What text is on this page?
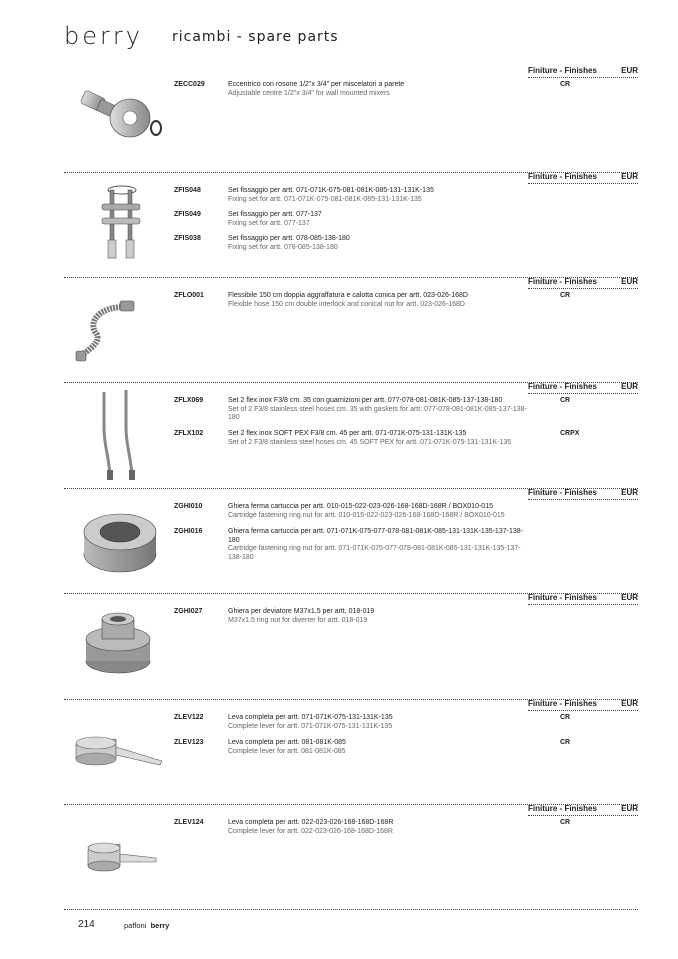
berry ricambi - spare parts
Finiture - Finishes	EUR
ZECC029	Eccentrico con rosone 1/2"x 3/4" per miscelatori a parete
Adjustable centre 1/2"x 3/4" for wall mounted mixers
CR
Finiture - Finishes	EUR
ZFIS048	Set fissaggio per artt. 071-071K-075-081-081K-085-131-131K-135
Fixing set for artt. 071-071K-075-081-081K-085-131-131K-135
ZFIS049	Set fissaggio per artt. 077-137
Fixing set for artt. 077-137
ZFIS038	Set fissaggio per artt. 078-085-138-180
Fixing set for artt. 078-085-138-180
Finiture - Finishes	EUR
ZFLO001	Flessibile 150 cm doppia aggraffatura e calotta conica per artt. 023-026-168D
Flexible hose 150 cm double interlock and conical nut for artt. 023-026-168D
CR
Finiture - Finishes	EUR
ZFLX069	Set 2 flex inox F3/8 cm. 35 con guarnizioni per artt. 077-078-081-081K-085-137-138-180
Set of 2 F3/8 stainless steel hoses cm. 35 with gaskets for artt. 077-078-081-081K-085-137-138-180
CR
ZFLX102	Set 2 flex inox SOFT PEX F3/8 cm. 45 per artt. 071-071K-075-131-131K-135
Set of 2 F3/8 stainless steel hoses cm. 45 SOFT PEX for artt. 071-071K-075-131-131K-135
CRPX
Finiture - Finishes	EUR
ZGHI010	Ghiera ferma cartuccia per artt. 010-015-022-023-026-168-168D-168R / BOX010-015
Cartridge fastening ring nut for artt. 010-015-022-023-026-168-168D-168R / BOX010-015
ZGHI016	Ghiera ferma cartuccia per artt. 071-071K-075-077-078-081-081K-085-131-131K-135-137-138-180
Cartridge fastening ring nut for artt. 071-071K-075-077-078-081-081K-085-131-131K-135-137-138-180
Finiture - Finishes	EUR
ZGHI027	Ghiera per deviatore M37x1.5 per artt. 018-019
M37x1.5 ring nut for diverter for artt. 018-019
Finiture - Finishes	EUR
ZLEV122	Leva completa per artt. 071-071K-075-131-131K-135
Complete lever for artt. 071-071K-075-131-131K-135
CR
ZLEV123	Leva completa per artt. 081-081K-085
Complete lever for artt. 081-081K-085
CR
Finiture - Finishes	EUR
ZLEV124	Leva completa per artt. 022-023-026-168-168D-168R
Complete lever for artt. 022-023-026-168-168D-168R
CR
214	paffoni berry
